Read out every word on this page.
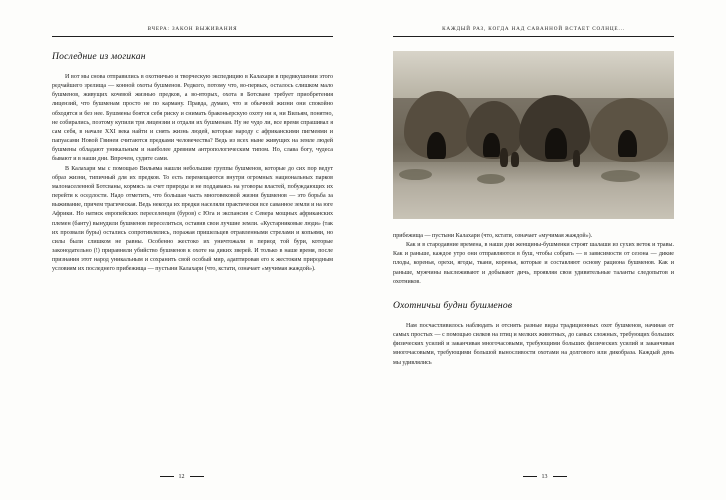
ВЧЕРА: ЗАКОН ВЫЖИВАНИЯ
Последние из могикан

И вот мы снова отправились в охотничью и творческую экспедицию в Калахари в предвкушении этого редчайшего зрелища — конной охоты бушменов. Редкого, потому что, во-первых, осталось слишком мало бушменов, живущих кочевой жизнью предков, а во-вторых, охота в Ботсване требует приобретения лицензий, что бушменам просто не по карману. Правда, думаю, что и обычной жизни они спокойно обходятся и без нее. Бушмены боятся себя риску и снимать браконьерскую охоту ни я, ни Вильям, понятно, не собирались, поэтому купили три лицензии и отдали их бушменам. Ну не чудо ли, все время спрашивал я сам себя, в начале XXI века найти и снять жизнь людей, которые народу с африканскими пигмеями и папуасами Новой Гвинеи считаются предками человечества? Ведь из всех ныне живущих на земле людей бушмены обладают уникальным и наиболее древним антропологическим типом. Но, слава богу, чудеса бывают и в наши дни. Впрочем, судите сами.

В Калахари мы с помощью Вильяма нашли небольшие группы бушменов, которые до сих пор ведут образ жизни, типичный для их предков. То есть перемещаются внутри огромных национальных парков малонаселенной Ботсваны, кормясь за счет природы и не поддаваясь на уговоры властей, побуждающих их перейти к оседлости. Надо отметить, что большая часть многовековой жизни бушменов — это борьба за выживание, причем трагическая. Ведь некогда их предки населяли практически все саванное земли и на юге Африки. Но натиск европейских переселенцев (буров) с Юга и экспансия с Севера мощных африканских племен (банту) вынудили бушменов переселиться, оставив свои лучшие земли. «Кустарниковые люди» (так их прозвали буры) остались сопротивлялись, поражая пришельцев отравленными стрелами и копьями, но силы были слишком не равны. Особенно жестоко их уничтожали в период той бури, которые законодательно (!) приравняли убийство бушменов к охоте на диких зверей. И только в наше время, после признания этот народ уникальным и сохранить свой особый мир, адаптировав его к жестоким природным условиям их последнего прибежища — пустыни Калахари (что, кстати, означает «мучимая жаждой»).

12
КАЖДЫЙ РАЗ, КОГДА НАД САВАННОЙ ВСТАЕТ СОЛНЦЕ...

прибежища — пустыни Калахари (что, кстати, означает «мучимая жаждой»).

Как и в стародавние времена, в наши дни женщины-бушменки строят шалаши из сухих веток и травы. Как и раньше, каждое утро они отправляются в буш, чтобы собрать — в зависимости от сезона — дикие плоды, коренья, орехи, ягоды, ткани, коренья, которые и составляют основу рациона бушменов. Как и раньше, мужчины выслеживают и добывают дичь, проявляя свои удивительные таланты следопытов и охотников.

Охотничьи будни бушменов

Нам посчастливилось наблюдать и отснять разные виды традиционных охот бушменов, начиная от самых простых — с помощью силков на птиц и мелких животных, до самых сложных, требующих больших физических усилий и заканчивая многочасовыми, требующими больших физических усилий и заканчивая многочасовыми, требующими большой выносливости охотами на долгового или дикобраза. Каждый день мы удивлялись

13
